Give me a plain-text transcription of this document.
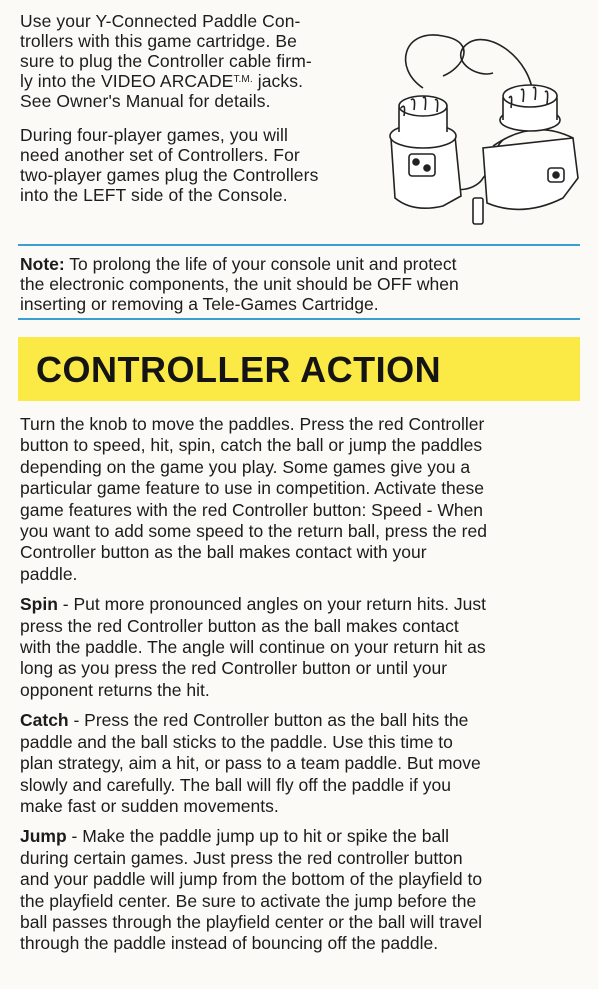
Use your Y-Connected Paddle Con-
trollers with this game cartridge. Be
sure to plug the Controller cable firm-
ly into the VIDEO $ARCADE^{T.M.}$ jacks.
See Owner's Manual for details.

During four-player games, you will
need another set of Controllers. For
two-player games plug the Controllers
into the LEFT side of the Console.

Note: To prolong the life of your console unit and protect
the electronic components, the unit should be OFF when
inserting or removing a Tele-Games Cartridge.
CONTROLLER ACTION

Turn the knob to move the paddles. Press the red Controller
button to speed, hit, spin, catch the ball or jump the paddles
depending on the game you play. Some games give you a
particular game feature to use in competition. Activate these
game features with the red Controller button: Speed - When
you want to add some speed to the return ball, press the red
Controller button as the ball makes contact with your
paddle.

Spin - Put more pronounced angles on your return hits. Just
press the red Controller button as the ball makes contact
with the paddle. The angle will continue on your return hit as
long as you press the red Controller button or until your
opponent returns the hit.

Catch - Press the red Controller button as the ball hits the
paddle and the ball sticks to the paddle. Use this time to
plan strategy, aim a hit, or pass to a team paddle. But move
slowly and carefully. The ball will fly off the paddle if you
make fast or sudden movements.

Jump - Make the paddle jump up to hit or spike the ball
during certain games. Just press the red controller button
and your paddle will jump from the bottom of the playfield to
the playfield center. Be sure to activate the jump before the
ball passes through the playfield center or the ball will travel
through the paddle instead of bouncing off the paddle.
